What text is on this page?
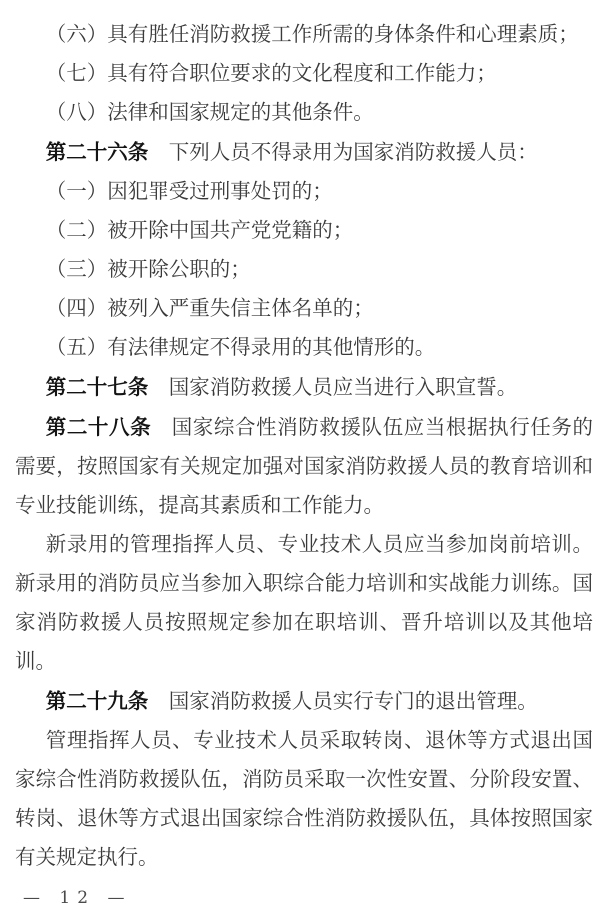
（六）具有胜任消防救援工作所需的身体条件和心理素质；

（七）具有符合职位要求的文化程度和工作能力；

（八）法律和国家规定的其他条件。

第二十六条 下列人员不得录用为国家消防救援人员：

（一）因犯罪受过刑事处罚的；

（二）被开除中国共产党党籍的；

（三）被开除公职的；

（四）被列入严重失信主体名单的；

（五）有法律规定不得录用的其他情形的。

第二十七条 国家消防救援人员应当进行入职宣誓。

第二十八条 国家综合性消防救援队伍应当根据执行任务的需要，按照国家有关规定加强对国家消防救援人员的教育培训和专业技能训练，提高其素质和工作能力。

新录用的管理指挥人员、专业技术人员应当参加岗前培训。新录用的消防员应当参加入职综合能力培训和实战能力训练。国家消防救援人员按照规定参加在职培训、晋升培训以及其他培训。

第二十九条 国家消防救援人员实行专门的退出管理。

管理指挥人员、专业技术人员采取转岗、退休等方式退出国家综合性消防救援队伍，消防员采取一次性安置、分阶段安置、转岗、退休等方式退出国家综合性消防救援队伍，具体按照国家有关规定执行。

— 12 —
